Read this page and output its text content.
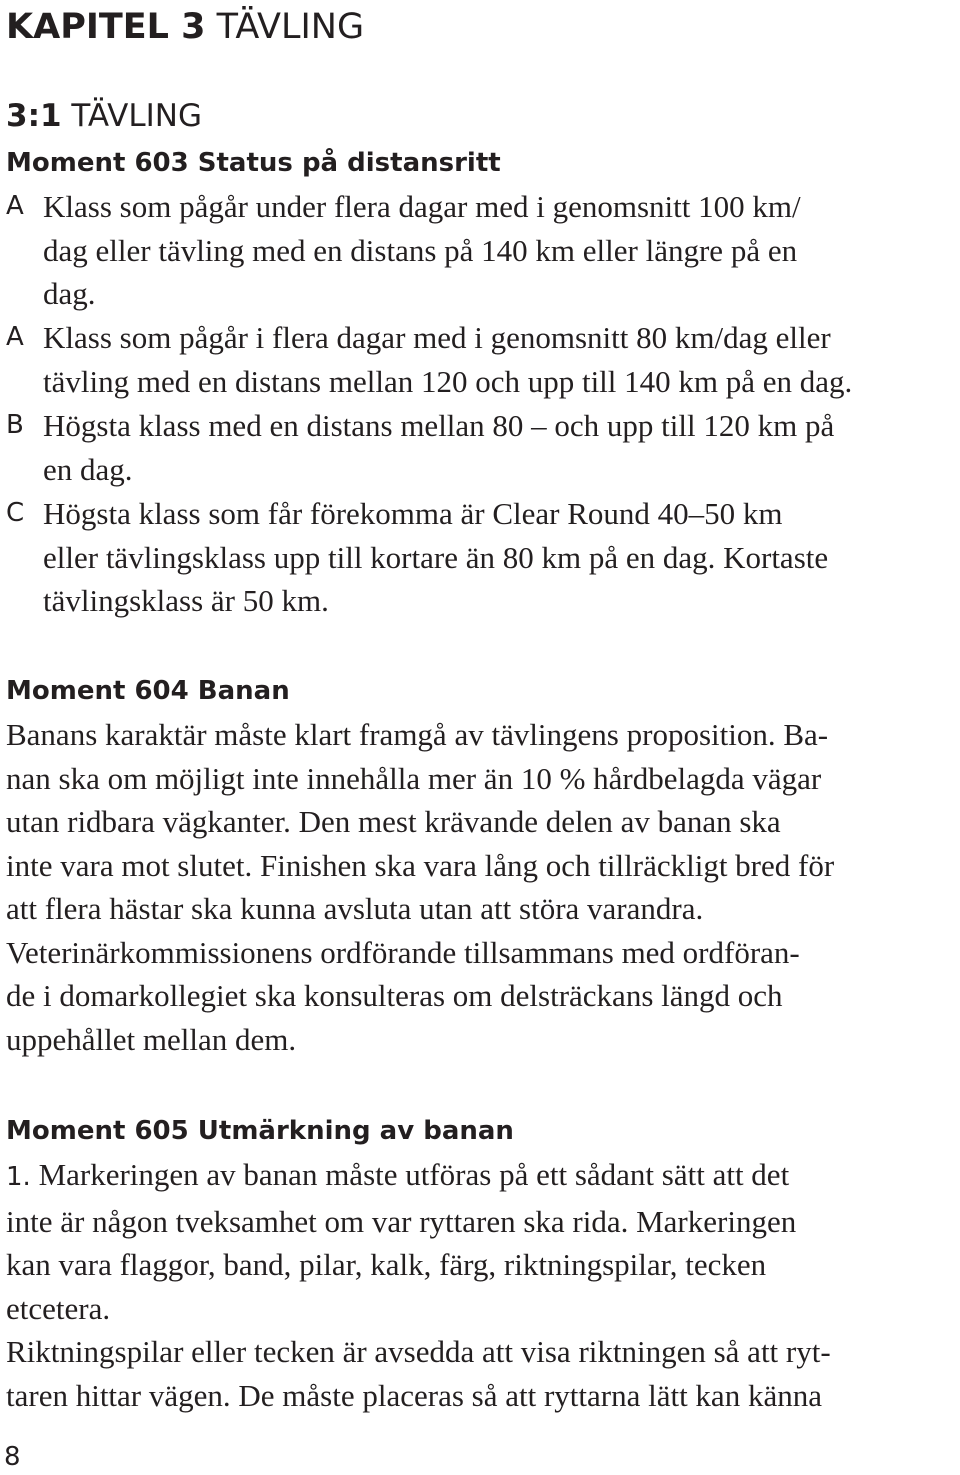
KAPITEL 3 TÄVLING
3:1 TÄVLING
Moment 603 Status på distansritt
A Klass som pågår under flera dagar med i genomsnitt 100 km/
dag eller tävling med en distans på 140 km eller längre på en
dag.
A Klass som pågår i flera dagar med i genomsnitt 80 km/dag eller
tävling med en distans mellan 120 och upp till 140 km på en dag.
B Högsta klass med en distans mellan 80 – och upp till 120 km på
en dag.
C Högsta klass som får förekomma är Clear Round 40–50 km
eller tävlingsklass upp till kortare än 80 km på en dag. Kortaste
tävlingsklass är 50 km.
Moment 604 Banan
Banans karaktär måste klart framgå av tävlingens proposition. Ba-
nan ska om möjligt inte innehålla mer än 10 % hårdbelagda vägar
utan ridbara vägkanter. Den mest krävande delen av banan ska
inte vara mot slutet. Finishen ska vara lång och tillräckligt bred för
att flera hästar ska kunna avsluta utan att störa varandra.
Veterinärkommissionens ordförande tillsammans med ordföran-
de i domarkollegiet ska konsulteras om delsträckans längd och
uppehållet mellan dem.
Moment 605 Utmärkning av banan
1. Markeringen av banan måste utföras på ett sådant sätt att det
inte är någon tveksamhet om var ryttaren ska rida. Markeringen
kan vara flaggor, band, pilar, kalk, färg, riktningspilar, tecken
etcetera.
Riktningspilar eller tecken är avsedda att visa riktningen så att ryt-
taren hittar vägen. De måste placeras så att ryttarna lätt kan känna
8
